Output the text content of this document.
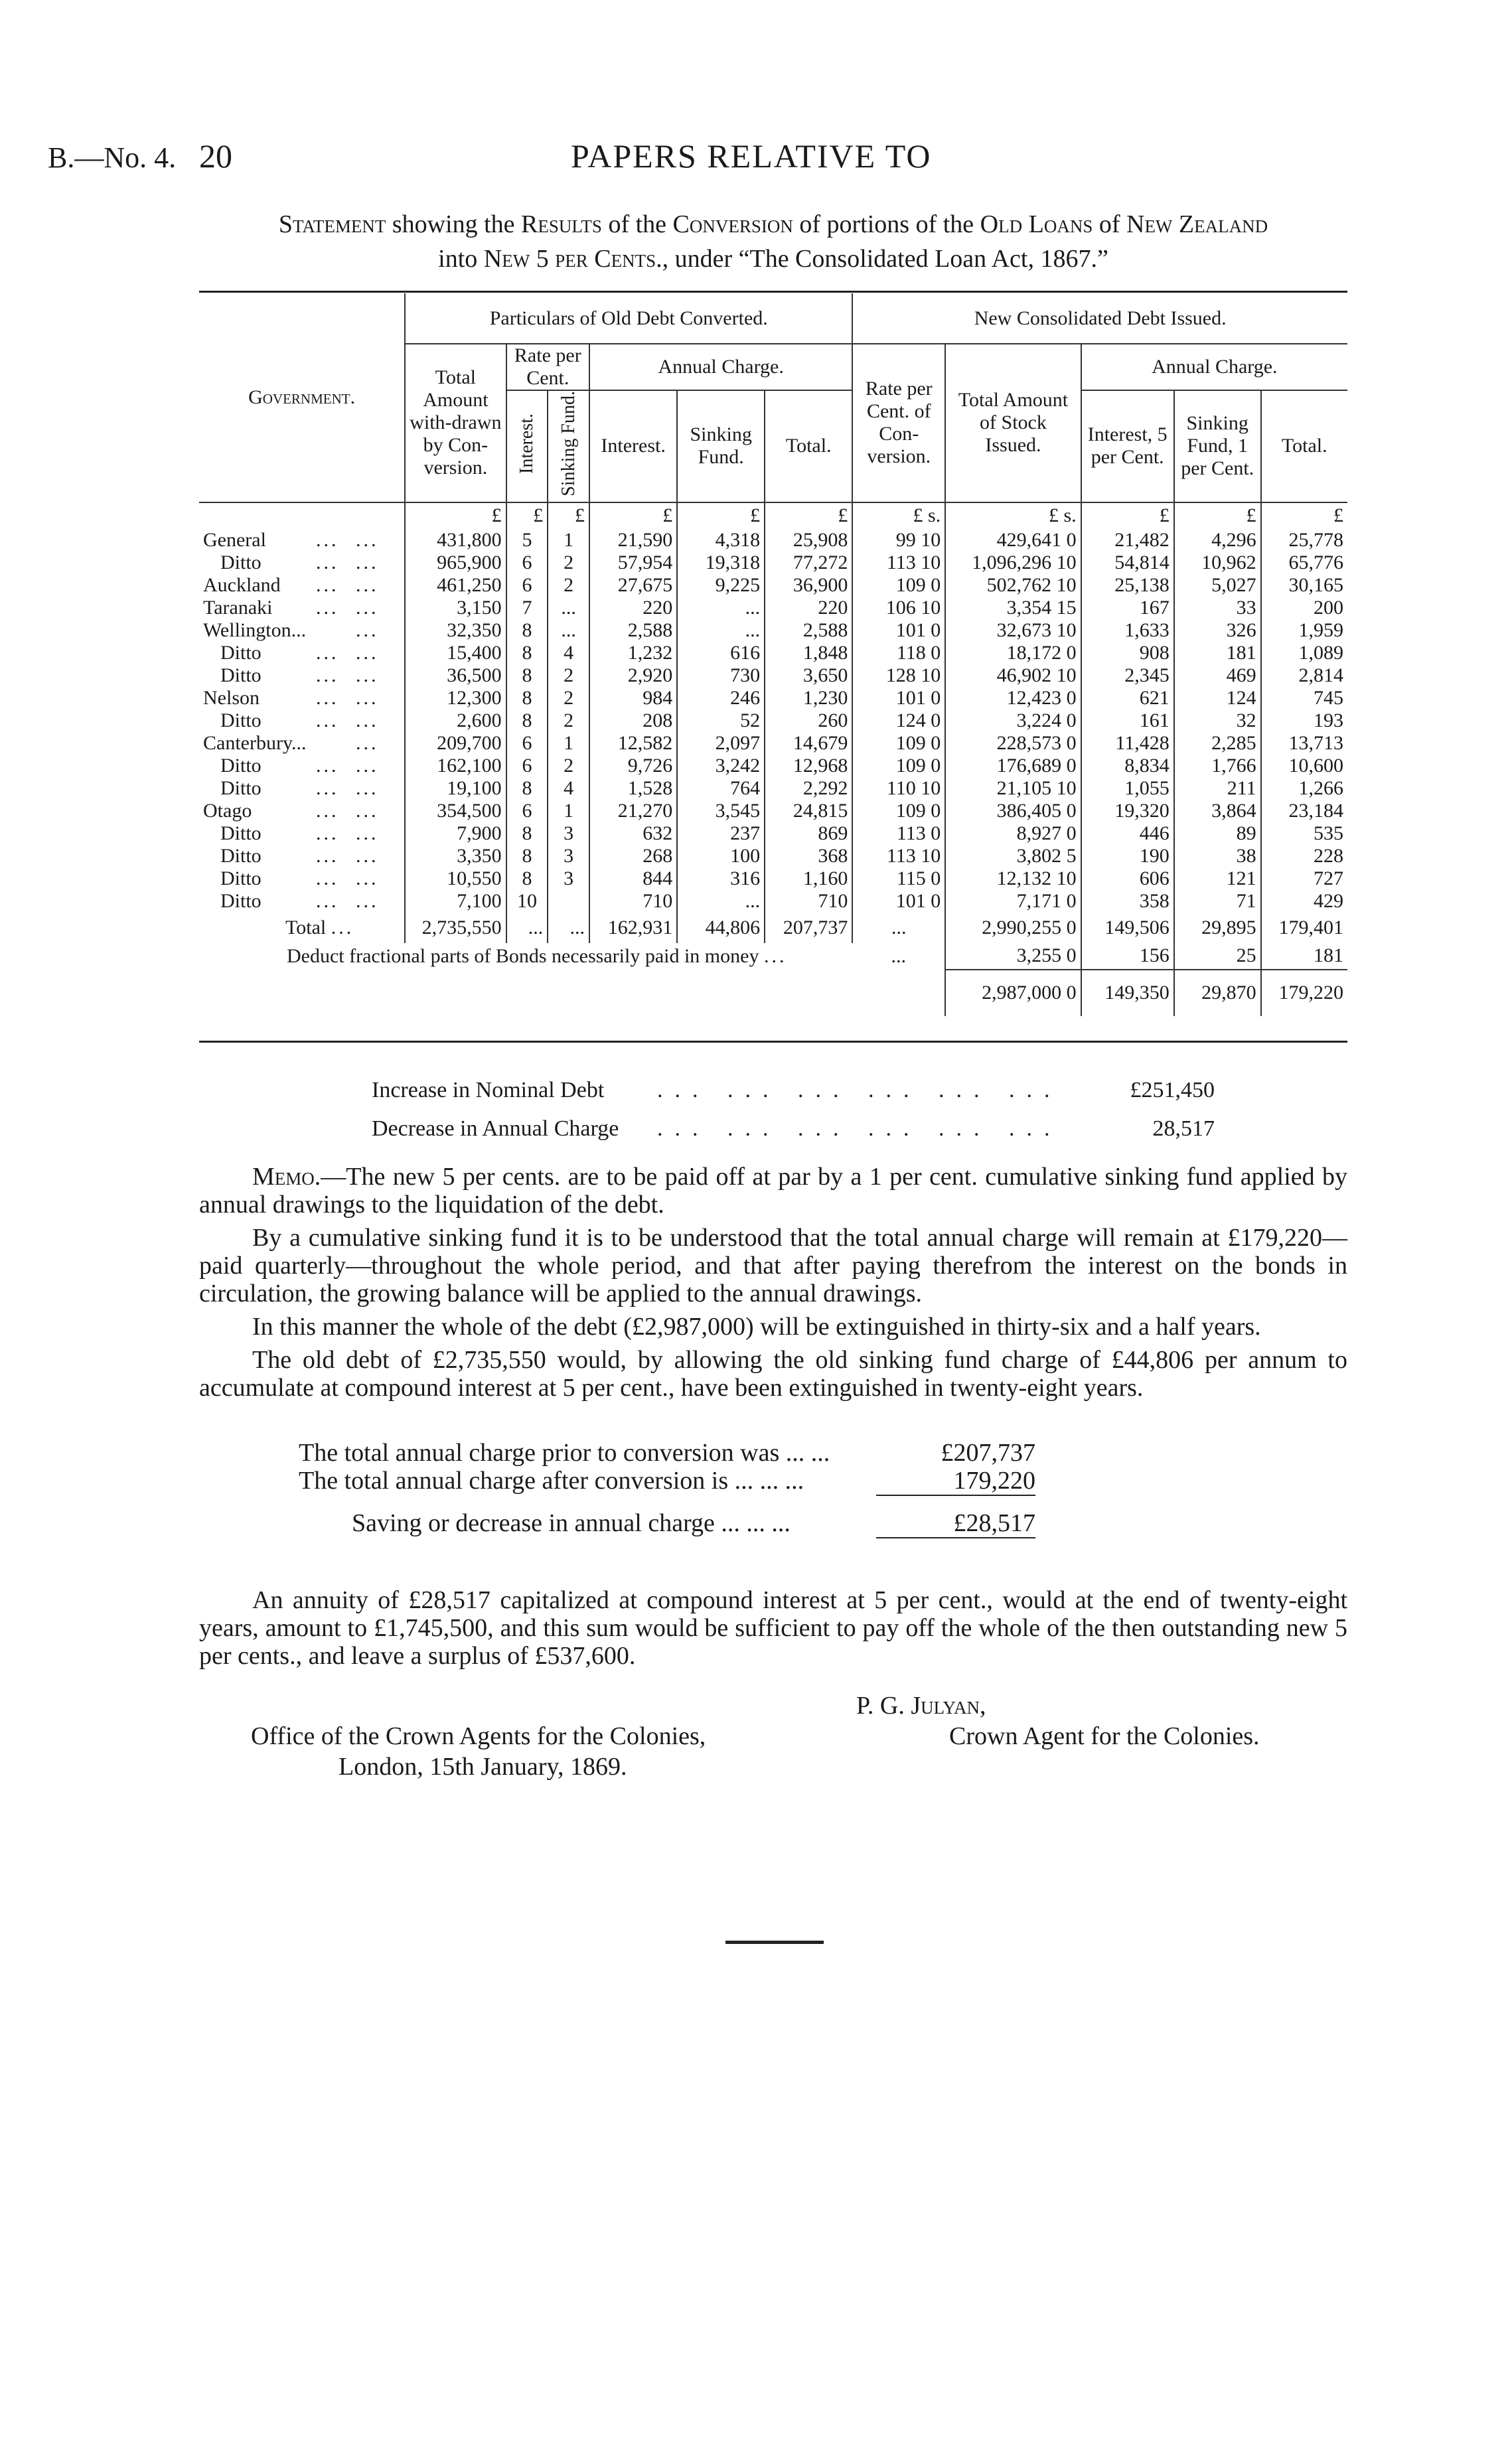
B.—No. 4. 20	PAPERS RELATIVE TO
Statement showing the Results of the Conversion of portions of the Old Loans of New Zealand
into New 5 per Cents., under “The Consolidated Loan Act, 1867.”
Government.	Particulars of Old Debt Converted.						New Consolidated Debt Issued.				
	Total Amount with-drawn by Con-version.	Rate per Cent.		Annual Charge.			Rate per Cent. of Con-version.	Total Amount of Stock Issued.	Annual Charge.		
		Interest.	Sinking Fund.	Interest.	Sinking Fund.	Total.			Interest, 5 per Cent.	Sinking Fund, 1 per Cent.	Total.
	£	£	£	£	£	£	£ s.	£ s.	£	£	£
General ... ...	431,800	5	1	21,590	4,318	25,908	99 10	429,641 0	21,482	4,296	25,778
Ditto ... ...	965,900	6	2	57,954	19,318	77,272	113 10	1,096,296 10	54,814	10,962	65,776
Auckland ... ...	461,250	6	2	27,675	9,225	36,900	109 0	502,762 10	25,138	5,027	30,165
Taranaki ... ...	3,150	7	...	220	...	220	106 10	3,354 15	167	33	200
Wellington... ...	32,350	8	...	2,588	...	2,588	101 0	32,673 10	1,633	326	1,959
Ditto ... ...	15,400	8	4	1,232	616	1,848	118 0	18,172 0	908	181	1,089
Ditto ... ...	36,500	8	2	2,920	730	3,650	128 10	46,902 10	2,345	469	2,814
Nelson ... ...	12,300	8	2	984	246	1,230	101 0	12,423 0	621	124	745
Ditto ... ...	2,600	8	2	208	52	260	124 0	3,224 0	161	32	193
Canterbury... ...	209,700	6	1	12,582	2,097	14,679	109 0	228,573 0	11,428	2,285	13,713
Ditto ... ...	162,100	6	2	9,726	3,242	12,968	109 0	176,689 0	8,834	1,766	10,600
Ditto ... ...	19,100	8	4	1,528	764	2,292	110 10	21,105 10	1,055	211	1,266
Otago ... ...	354,500	6	1	21,270	3,545	24,815	109 0	386,405 0	19,320	3,864	23,184
Ditto ... ...	7,900	8	3	632	237	869	113 0	8,927 0	446	89	535
Ditto ... ...	3,350	8	3	268	100	368	113 10	3,802 5	190	38	228
Ditto ... ...	10,550	8	3	844	316	1,160	115 0	12,132 10	606	121	727
Ditto ... ...	7,100	10		710	...	710	101 0	7,171 0	358	71	429
Total ...	2,735,550	...	...	162,931	44,806	207,737	...	2,990,255 0	149,506	29,895	179,401
Deduct fractional parts of Bonds necessarily paid in money ...							...	3,255 0	156	25	181
								2,987,000 0	149,350	29,870	179,220
Increase in Nominal Debt ... ... ... ... ... ...	£251,450
Decrease in Annual Charge ... ... ... ... ... ...	28,517

Memo.—The new 5 per cents. are to be paid off at par by a 1 per cent. cumulative sinking fund applied by annual drawings to the liquidation of the debt.

By a cumulative sinking fund it is to be understood that the total annual charge will remain at £179,220—paid quarterly—throughout the whole period, and that after paying therefrom the interest on the bonds in circulation, the growing balance will be applied to the annual drawings.

In this manner the whole of the debt (£2,987,000) will be extinguished in thirty-six and a half years.

The old debt of £2,735,550 would, by allowing the old sinking fund charge of £44,806 per annum to accumulate at compound interest at 5 per cent., have been extinguished in twenty-eight years.

The total annual charge prior to conversion was ... ...	£207,737
The total annual charge after conversion is ... ... ...	179,220
Saving or decrease in annual charge ... ... ...	£28,517

An annuity of £28,517 capitalized at compound interest at 5 per cent., would at the end of twenty-eight years, amount to £1,745,500, and this sum would be sufficient to pay off the whole of the then outstanding new 5 per cents., and leave a surplus of £537,600.

P. G. Julyan,
Crown Agent for the Colonies.
Office of the Crown Agents for the Colonies,
London, 15th January, 1869.
